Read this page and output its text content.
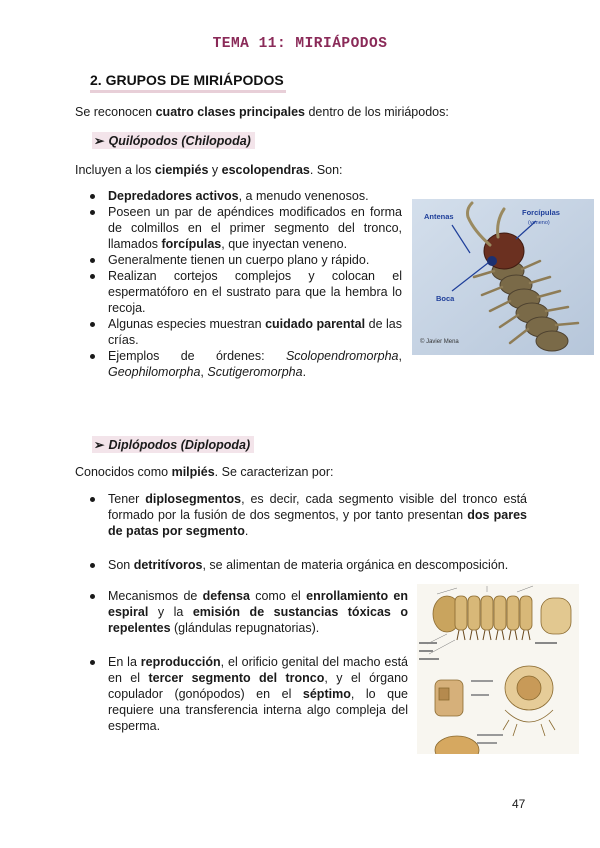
TEMA 11: MIRIÁPODOS
2. GRUPOS DE MIRIÁPODOS
Se reconocen cuatro clases principales dentro de los miriápodos:
➢ Quilópodos (Chilopoda)
Incluyen a los ciempiés y escolopendras. Son:
Depredadores activos, a menudo venenosos.
Poseen un par de apéndices modificados en forma de colmillos en el primer segmento del tronco, llamados forcípulas, que inyectan veneno.
Generalmente tienen un cuerpo plano y rápido.
Realizan cortejos complejos y colocan el espermatóforo en el sustrato para que la hembra lo recoja.
Algunas especies muestran cuidado parental de las crías.
Ejemplos de órdenes: Scolopendromorpha, Geophilomorpha, Scutigeromorpha.
Antenas	Forcípulas
(veneno)
Boca
© Javier Mena
➢ Diplópodos (Diplopoda)
Conocidos como milpiés. Se caracterizan por:
Tener diplosegmentos, es decir, cada segmento visible del tronco está formado por la fusión de dos segmentos, y por tanto presentan dos pares de patas por segmento.
Son detritívoros, se alimentan de materia orgánica en descomposición.
Mecanismos de defensa como el enrollamiento en espiral y la emisión de sustancias tóxicas o repelentes (glándulas repugnatorias).
En la reproducción, el orificio genital del macho está en el tercer segmento del tronco, y el órgano copulador (gonópodos) en el séptimo, lo que requiere una transferencia interna algo compleja del esperma.
47
